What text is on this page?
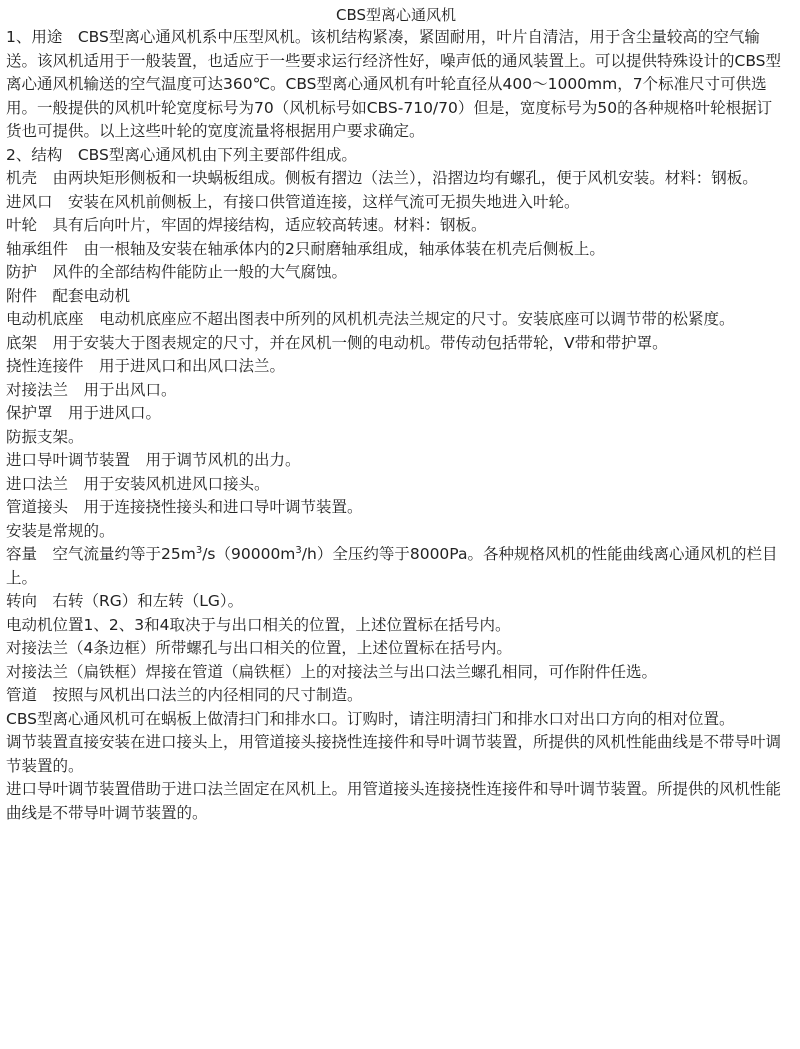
CBS型离心通风机

1、用途　CBS型离心通风机系中压型风机。该机结构紧凑，紧固耐用，叶片自清洁，用于含尘量较高的空气输送。该风机适用于一般装置，也适应于一些要求运行经济性好，噪声低的通风装置上。可以提供特殊设计的CBS型离心通风机输送的空气温度可达360℃。CBS型离心通风机有叶轮直径从400～1000mm，7个标准尺寸可供选用。一般提供的风机叶轮宽度标号为70（风机标号如CBS-710/70）但是，宽度标号为50的各种规格叶轮根据订货也可提供。以上这些叶轮的宽度流量将根据用户要求确定。

2、结构　CBS型离心通风机由下列主要部件组成。

机壳　由两块矩形侧板和一块蜗板组成。侧板有摺边（法兰），沿摺边均有螺孔，便于风机安装。材料：钢板。

进风口　安装在风机前侧板上，有接口供管道连接，这样气流可无损失地进入叶轮。

叶轮　具有后向叶片，牢固的焊接结构，适应较高转速。材料：钢板。

轴承组件　由一根轴及安装在轴承体内的2只耐磨轴承组成，轴承体装在机壳后侧板上。

防护　风件的全部结构件能防止一般的大气腐蚀。

附件　配套电动机

电动机底座　电动机底座应不超出图表中所列的风机机壳法兰规定的尺寸。安装底座可以调节带的松紧度。

底架　用于安装大于图表规定的尺寸，并在风机一侧的电动机。带传动包括带轮，V带和带护罩。

挠性连接件　用于进风口和出风口法兰。

对接法兰　用于出风口。

保护罩　用于进风口。

防振支架。

进口导叶调节装置　用于调节风机的出力。

进口法兰　用于安装风机进风口接头。

管道接头　用于连接挠性接头和进口导叶调节装置。

安装是常规的。

容量　空气流量约等于$25m^3/s(90000m^3/h)$全压约等于8000Pa。各种规格风机的性能曲线离心通风机的栏目上。

转向　右转（RG）和左转（LG）。

电动机位置1、2、3和4取决于与出口相关的位置，上述位置标在括号内。

对接法兰（4条边框）所带螺孔与出口相关的位置，上述位置标在括号内。

对接法兰（扁铁框）焊接在管道（扁铁框）上的对接法兰与出口法兰螺孔相同，可作附件任选。

管道　按照与风机出口法兰的内径相同的尺寸制造。

CBS型离心通风机可在蜗板上做清扫门和排水口。订购时，请注明清扫门和排水口对出口方向的相对位置。

调节装置直接安装在进口接头上，用管道接头接挠性连接件和导叶调节装置，所提供的风机性能曲线是不带导叶调节装置的。

进口导叶调节装置借助于进口法兰固定在风机上。用管道接头连接挠性连接件和导叶调节装置。所提供的风机性能曲线是不带导叶调节装置的。
